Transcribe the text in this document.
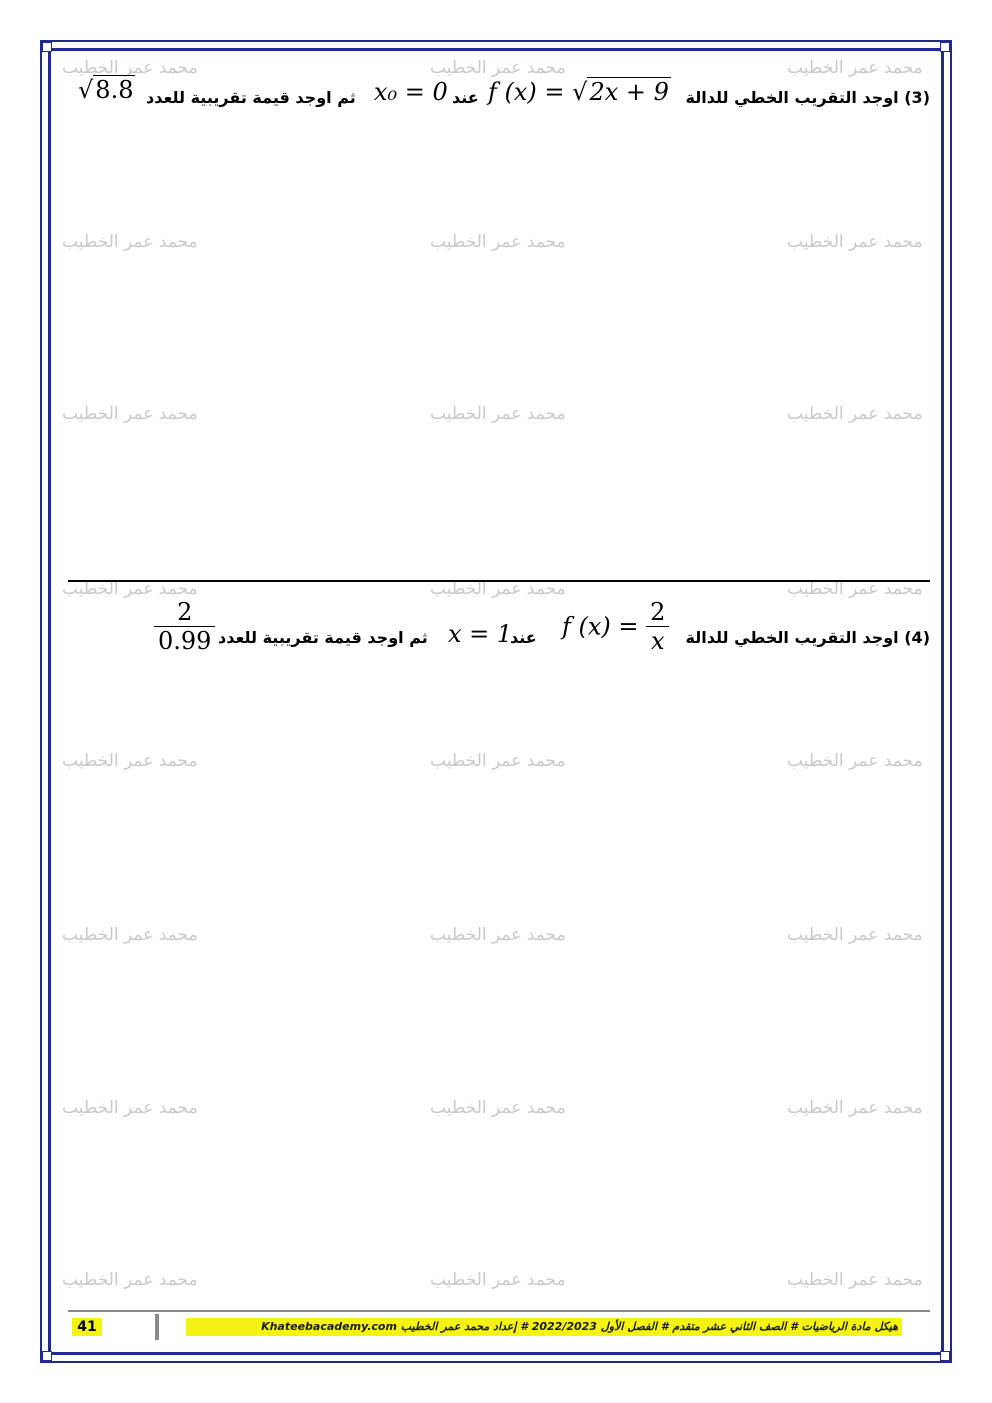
محمد عمر الخطيب	محمد عمر الخطيب	محمد عمر الخطيب
محمد عمر الخطيب	محمد عمر الخطيب	محمد عمر الخطيب
محمد عمر الخطيب	محمد عمر الخطيب	محمد عمر الخطيب
محمد عمر الخطيب	محمد عمر الخطيب	محمد عمر الخطيب
محمد عمر الخطيب	محمد عمر الخطيب	محمد عمر الخطيب
محمد عمر الخطيب	محمد عمر الخطيب	محمد عمر الخطيب
محمد عمر الخطيب	محمد عمر الخطيب	محمد عمر الخطيب
محمد عمر الخطيب	محمد عمر الخطيب	محمد عمر الخطيب
(3) اوجد التقريب الخطي للدالة
f (x) = √2x + 9
عند
x₀ = 0
ثم اوجد قيمة تقريبية للعدد
√8.8
(4) اوجد التقريب الخطي للدالة
f $(x) = \frac{2}{x}$
عند
x = 1
ثم اوجد قيمة تقريبية للعدد
$\frac{2}{0.99}$
41	هيكل مادة الرياضيات # الصف الثاني عشر متقدم # الفصل الأول 2022/2023 # إعداد محمد عمر الخطيب Khateebacademy.com
